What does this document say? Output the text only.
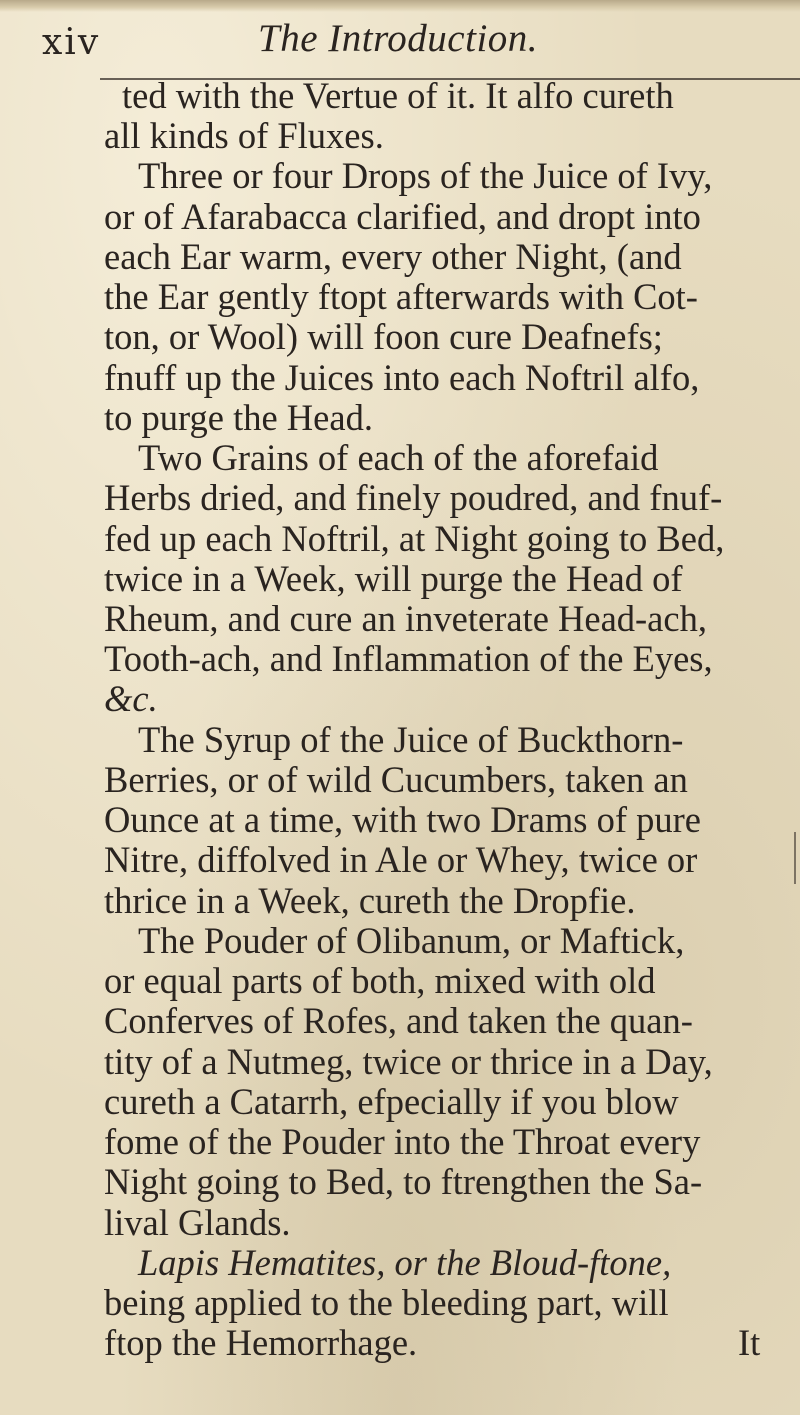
xiv	The Introduction.
ted with the Vertue of it. It alfo cureth
all kinds of Fluxes.
Three or four Drops of the Juice of Ivy,
or of Afarabacca clarified, and dropt into
each Ear warm, every other Night, (and
the Ear gently ftopt afterwards with Cot-
ton, or Wool) will foon cure Deafnefs;
fnuff up the Juices into each Noftril alfo,
to purge the Head.
Two Grains of each of the aforefaid
Herbs dried, and finely poudred, and fnuf-
fed up each Noftril, at Night going to Bed,
twice in a Week, will purge the Head of
Rheum, and cure an inveterate Head-ach,
Tooth-ach, and Inflammation of the Eyes,
&c.
The Syrup of the Juice of Buckthorn-
Berries, or of wild Cucumbers, taken an
Ounce at a time, with two Drams of pure
Nitre, diffolved in Ale or Whey, twice or
thrice in a Week, cureth the Dropfie.
The Pouder of Olibanum, or Maftick,
or equal parts of both, mixed with old
Conferves of Rofes, and taken the quan-
tity of a Nutmeg, twice or thrice in a Day,
cureth a Catarrh, efpecially if you blow
fome of the Pouder into the Throat every
Night going to Bed, to ftrengthen the Sa-
lival Glands.
Lapis Hematites, or the Bloud-ftone,
being applied to the bleeding part, will
ftop the Hemorrhage.	It
